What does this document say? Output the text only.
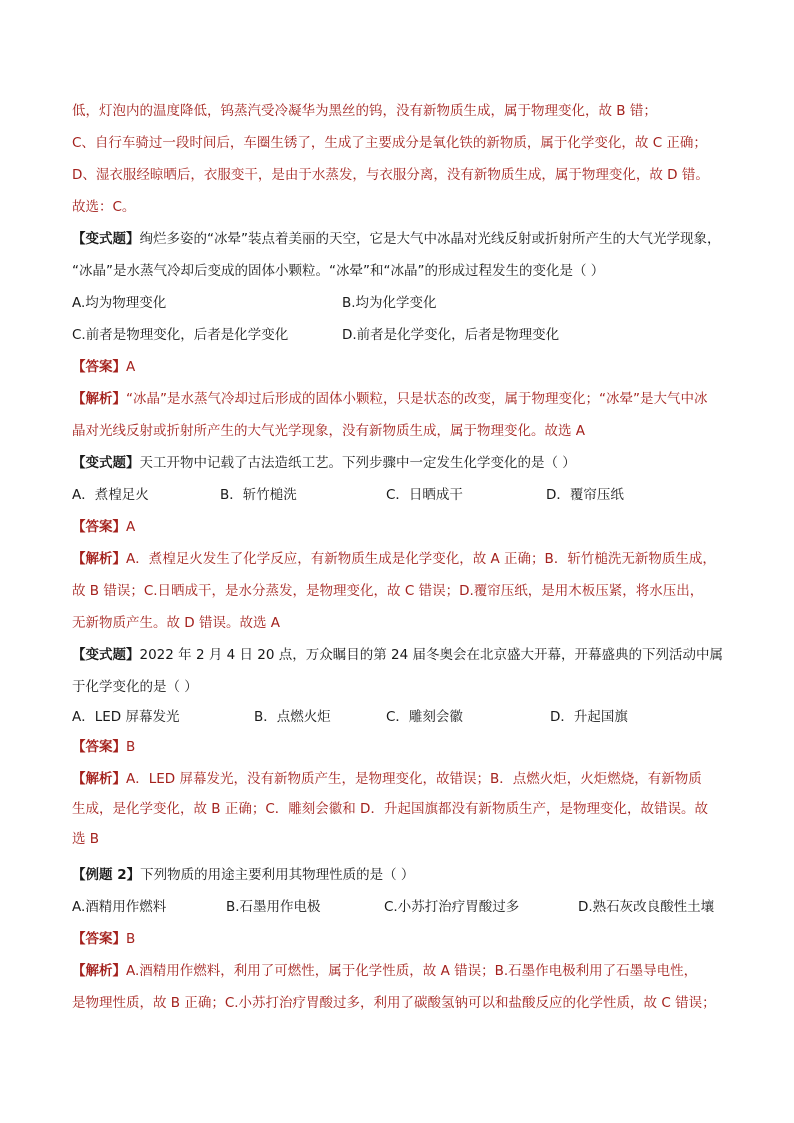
低，灯泡内的温度降低，钨蒸汽受冷凝华为黑丝的钨，没有新物质生成，属于物理变化，故 B 错；
C、自行车骑过一段时间后，车圈生锈了，生成了主要成分是氧化铁的新物质，属于化学变化，故 C 正确；
D、湿衣服经晾晒后，衣服变干，是由于水蒸发，与衣服分离，没有新物质生成，属于物理变化，故 D 错。
故选：C。
【变式题】绚烂多姿的“冰晕”装点着美丽的天空，它是大气中冰晶对光线反射或折射所产生的大气光学现象，
“冰晶”是水蒸气冷却后变成的固体小颗粒。“冰晕”和“冰晶”的形成过程发生的变化是（ ）
A.均为物理变化	B.均为化学变化
C.前者是物理变化，后者是化学变化	D.前者是化学变化，后者是物理变化
【答案】A
【解析】“冰晶”是水蒸气冷却过后形成的固体小颗粒，只是状态的改变，属于物理变化；“冰晕”是大气中冰
晶对光线反射或折射所产生的大气光学现象，没有新物质生成，属于物理变化。故选 A
【变式题】天工开物中记载了古法造纸工艺。下列步骤中一定发生化学变化的是（ ）
A．煮楻足火	B．斩竹槌洗	C．日晒成干	D．覆帘压纸
【答案】A
【解析】A．煮楻足火发生了化学反应，有新物质生成是化学变化，故 A 正确；B．斩竹槌洗无新物质生成，
故 B 错误；C.日晒成干，是水分蒸发，是物理变化，故 C 错误；D.覆帘压纸，是用木板压紧，将水压出，
无新物质产生。故 D 错误。故选 A
【变式题】2022 年 2 月 4 日 20 点，万众瞩目的第 24 届冬奥会在北京盛大开幕，开幕盛典的下列活动中属
于化学变化的是（ ）
A．LED 屏幕发光	B．点燃火炬	C．雕刻会徽	D．升起国旗
【答案】B
【解析】A．LED 屏幕发光，没有新物质产生，是物理变化，故错误；B．点燃火炬，火炬燃烧，有新物质
生成，是化学变化，故 B 正确；C．雕刻会徽和 D．升起国旗都没有新物质生产，是物理变化，故错误。故
选 B
【例题 2】下列物质的用途主要利用其物理性质的是（ ）
A.酒精用作燃料	B.石墨用作电极	C.小苏打治疗胃酸过多	D.熟石灰改良酸性土壤
【答案】B
【解析】A.酒精用作燃料，利用了可燃性，属于化学性质，故 A 错误；B.石墨作电极利用了石墨导电性，
是物理性质，故 B 正确；C.小苏打治疗胃酸过多，利用了碳酸氢钠可以和盐酸反应的化学性质，故 C 错误；
